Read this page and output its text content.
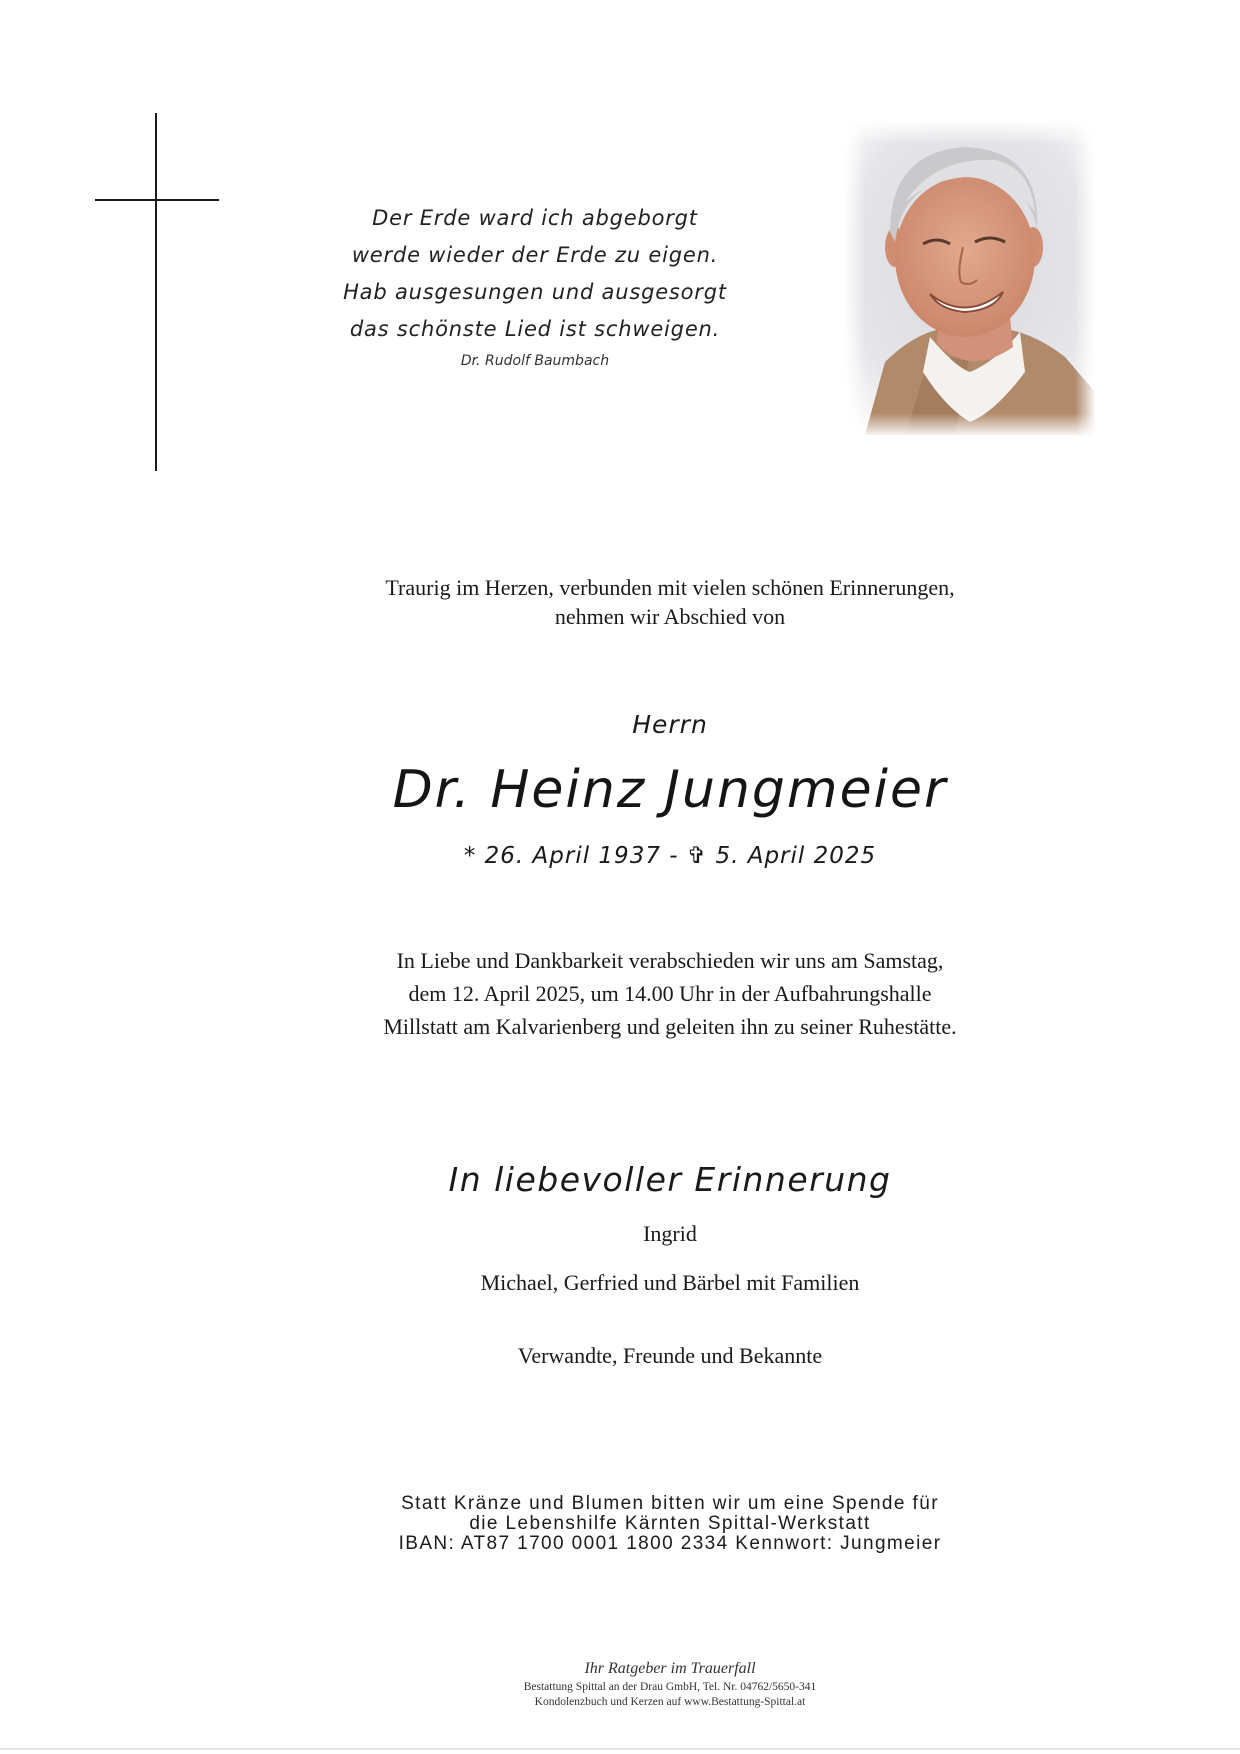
Der Erde ward ich abgeborgt
werde wieder der Erde zu eigen.
Hab ausgesungen und ausgesorgt
das schönste Lied ist schweigen.
Dr. Rudolf Baumbach
Traurig im Herzen, verbunden mit vielen schönen Erinnerungen,
nehmen wir Abschied von
Herrn
Dr. Heinz Jungmeier
* 26. April 1937 - ✞ 5. April 2025
In Liebe und Dankbarkeit verabschieden wir uns am Samstag,
dem 12. April 2025, um 14.00 Uhr in der Aufbahrungshalle
Millstatt am Kalvarienberg und geleiten ihn zu seiner Ruhestätte.
In liebevoller Erinnerung
Ingrid
Michael, Gerfried und Bärbel mit Familien
Verwandte, Freunde und Bekannte
Statt Kränze und Blumen bitten wir um eine Spende für
die Lebenshilfe Kärnten Spittal-Werkstatt
IBAN: AT87 1700 0001 1800 2334 Kennwort: Jungmeier
Ihr Ratgeber im Trauerfall
Bestattung Spittal an der Drau GmbH, Tel. Nr. 04762/5650-341
Kondolenzbuch und Kerzen auf www.Bestattung-Spittal.at
